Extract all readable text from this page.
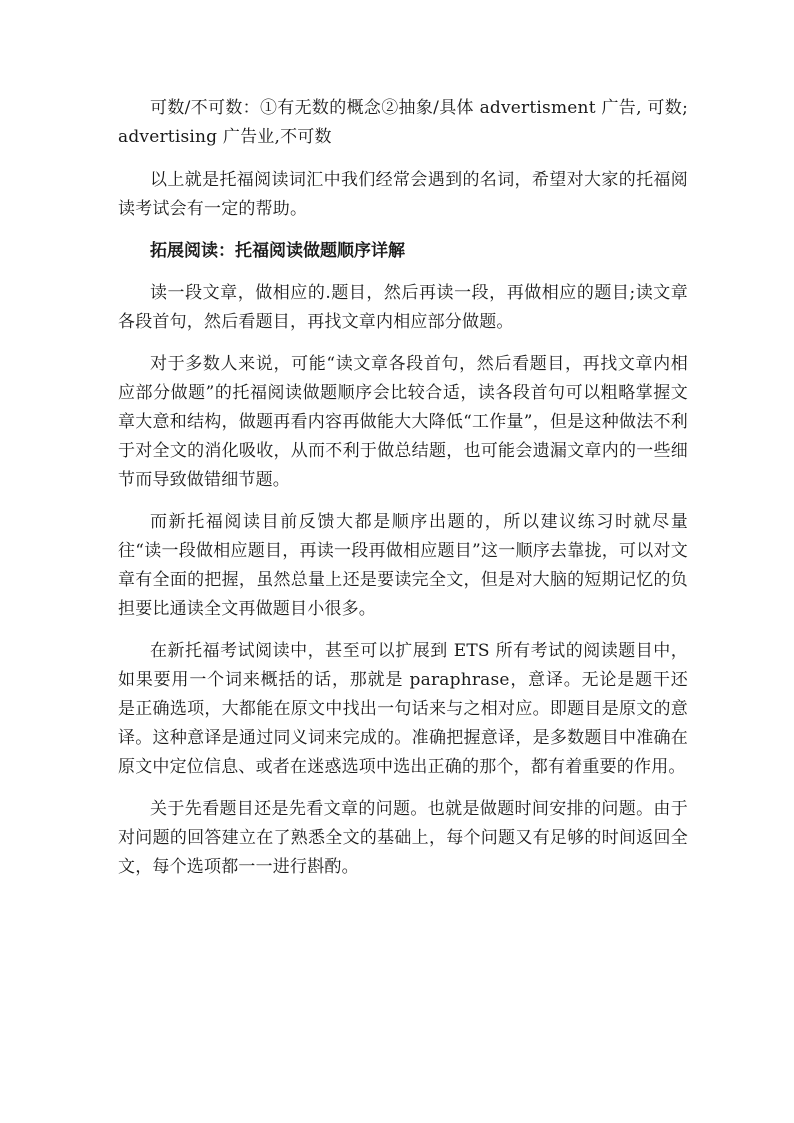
可数/不可数：①有无数的概念②抽象/具体 advertisment 广告, 可数;advertising 广告业,不可数

以上就是托福阅读词汇中我们经常会遇到的名词，希望对大家的托福阅读考试会有一定的帮助。

拓展阅读：托福阅读做题顺序详解

读一段文章，做相应的.题目，然后再读一段，再做相应的题目;读文章各段首句，然后看题目，再找文章内相应部分做题。

对于多数人来说，可能“读文章各段首句，然后看题目，再找文章内相应部分做题”的托福阅读做题顺序会比较合适，读各段首句可以粗略掌握文章大意和结构，做题再看内容再做能大大降低“工作量”，但是这种做法不利于对全文的消化吸收，从而不利于做总结题，也可能会遗漏文章内的一些细节而导致做错细节题。

而新托福阅读目前反馈大都是顺序出题的，所以建议练习时就尽量往“读一段做相应题目，再读一段再做相应题目”这一顺序去靠拢，可以对文章有全面的把握，虽然总量上还是要读完全文，但是对大脑的短期记忆的负担要比通读全文再做题目小很多。

在新托福考试阅读中，甚至可以扩展到 ETS 所有考试的阅读题目中，如果要用一个词来概括的话，那就是 paraphrase，意译。无论是题干还是正确选项，大都能在原文中找出一句话来与之相对应。即题目是原文的意译。这种意译是通过同义词来完成的。准确把握意译，是多数题目中准确在原文中定位信息、或者在迷惑选项中选出正确的那个，都有着重要的作用。

关于先看题目还是先看文章的问题。也就是做题时间安排的问题。由于对问题的回答建立在了熟悉全文的基础上，每个问题又有足够的时间返回全文，每个选项都一一进行斟酌。
